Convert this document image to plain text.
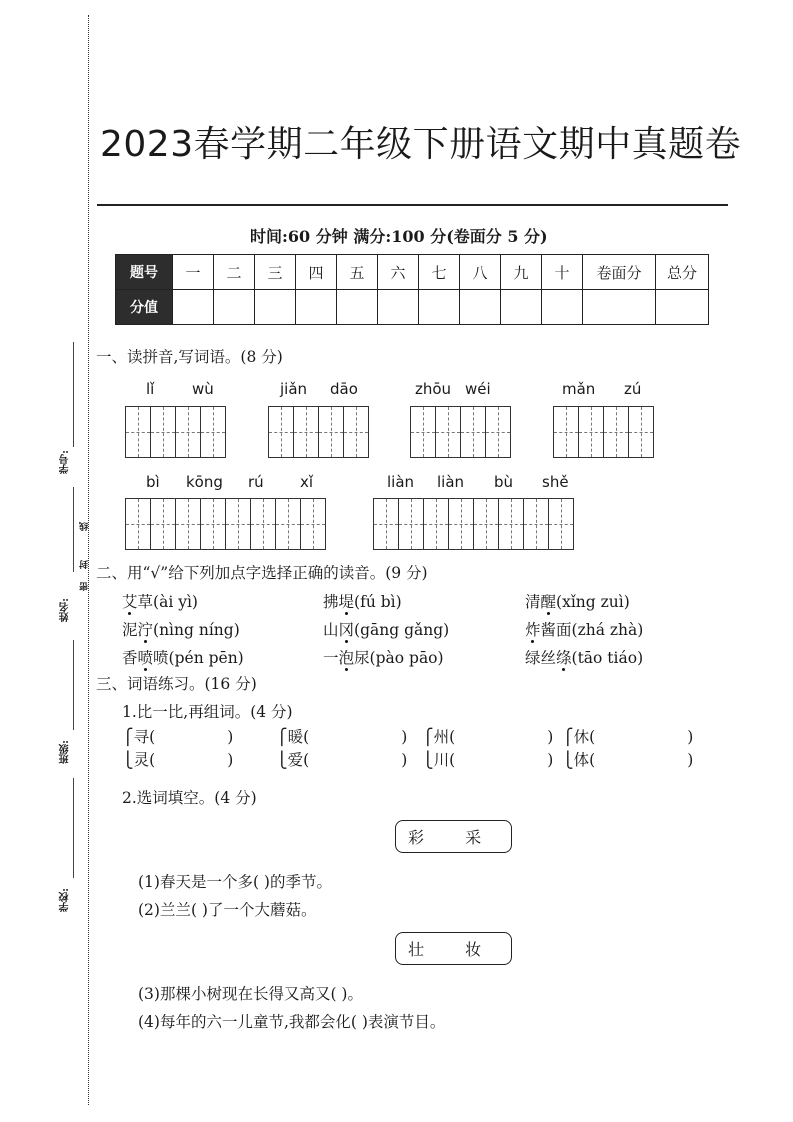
学号:
线
封
密
姓名:
班级:
学校:
2023春学期二年级下册语文期中真题卷
时间:60 分钟 满分:100 分(卷面分 5 分)
题号	一	二	三	四	五	六	七	八	九	十	卷面分	总分
分值												
一、读拼音,写词语。(8 分)
lǐ	wù	jiǎn dāo	zhōu wéi	mǎn zú
bì kōng rú xǐ	liàn liàn bù shě
二、用“√”给下列加点字选择正确的读音。(9 分)
艾草(ài yì)	拂堤(fú bì)	清醒(xǐng zuì)
泥泞(nìng níng)	山冈(gāng gǎng)	炸酱面(zhá zhà)
香喷喷(pén pēn)	一泡尿(pào pāo)	绿丝绦(tāo tiáo)
三、词语练习。(16 分)
1.比一比,再组词。(4 分)
⎧寻(	)
⎩灵(	)
⎧暖(	)
⎩爱(	)
⎧州(	)
⎩川(	)
⎧休(	)
⎩体(	)
2.选词填空。(4 分)
彩 采
(1)春天是一个多( )的季节。
(2)兰兰( )了一个大蘑菇。
壮 妆
(3)那棵小树现在长得又高又( )。
(4)每年的六一儿童节,我都会化( )表演节目。
